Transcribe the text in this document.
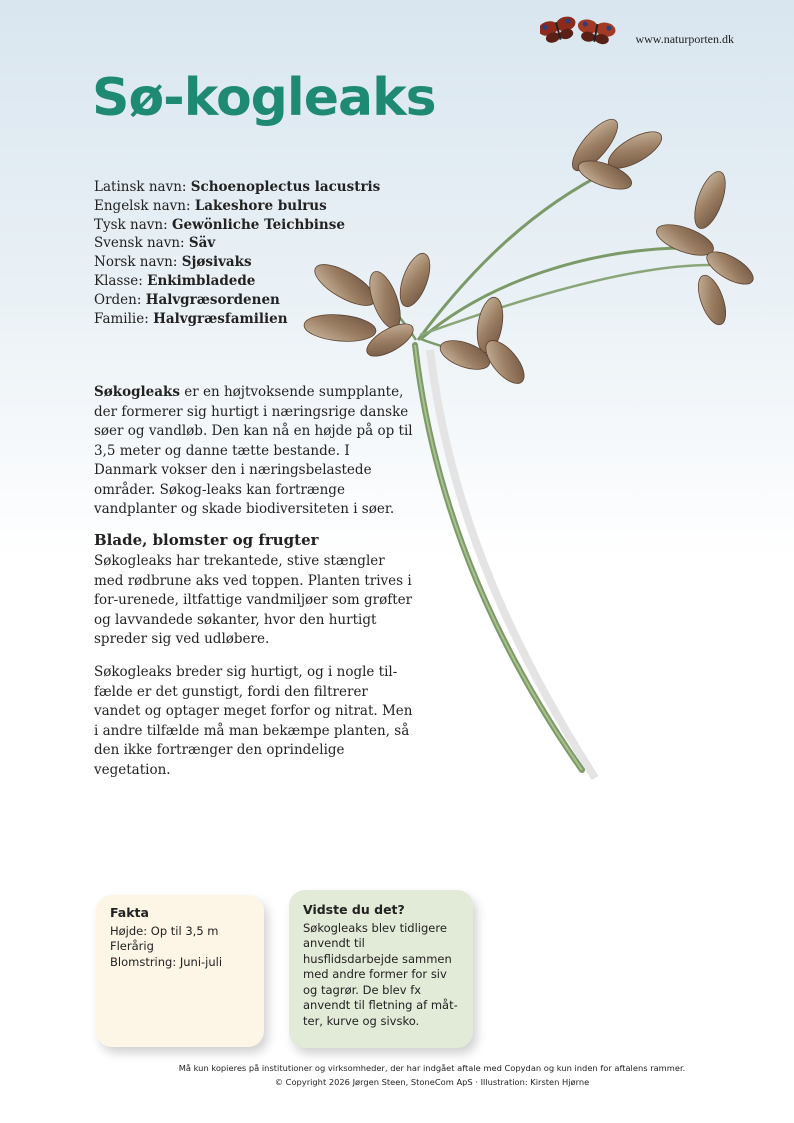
www.naturporten.dk
Sø-kogleaks
Latinsk navn: Schoenoplectus lacustris
Engelsk navn: Lakeshore bulrus
Tysk navn: Gewönliche Teichbinse
Svensk navn: Säv
Norsk navn: Sjøsivaks
Klasse: Enkimbladede
Orden: Halvgræsordenen
Familie: Halvgræsfamilien

Søkogleaks er en højtvoksende sumpplante, der formerer sig hurtigt i næringsrige danske søer og vandløb. Den kan nå en højde på op til 3,5 meter og danne tætte bestande. I Danmark vokser den i næringsbelastede områder. Søkog-leaks kan fortrænge vandplanter og skade biodiversiteten i søer.

Blade, blomster og frugter

Søkogleaks har trekantede, stive stængler med rødbrune aks ved toppen. Planten trives i for-urenede, iltfattige vandmiljøer som grøfter og lavvandede søkanter, hvor den hurtigt spreder sig ved udløbere.

Søkogleaks breder sig hurtigt, og i nogle til-fælde er det gunstigt, fordi den filtrerer vandet og optager meget forfor og nitrat. Men i andre tilfælde må man bekæmpe planten, så den ikke fortrænger den oprindelige vegetation.

Fakta
Højde: Op til 3,5 m
Flerårig
Blomstring: Juni-juli
Vidste du det?
Søkogleaks blev tidligere anvendt til husflidsdarbejde sammen med andre former for siv og tagrør. De blev fx anvendt til fletning af måt-ter, kurve og sivsko.
Må kun kopieres på institutioner og virksomheder, der har indgået aftale med Copydan og kun inden for aftalens rammer.
© Copyright 2026 Jørgen Steen, StoneCom ApS · Illustration: Kirsten Hjørne
